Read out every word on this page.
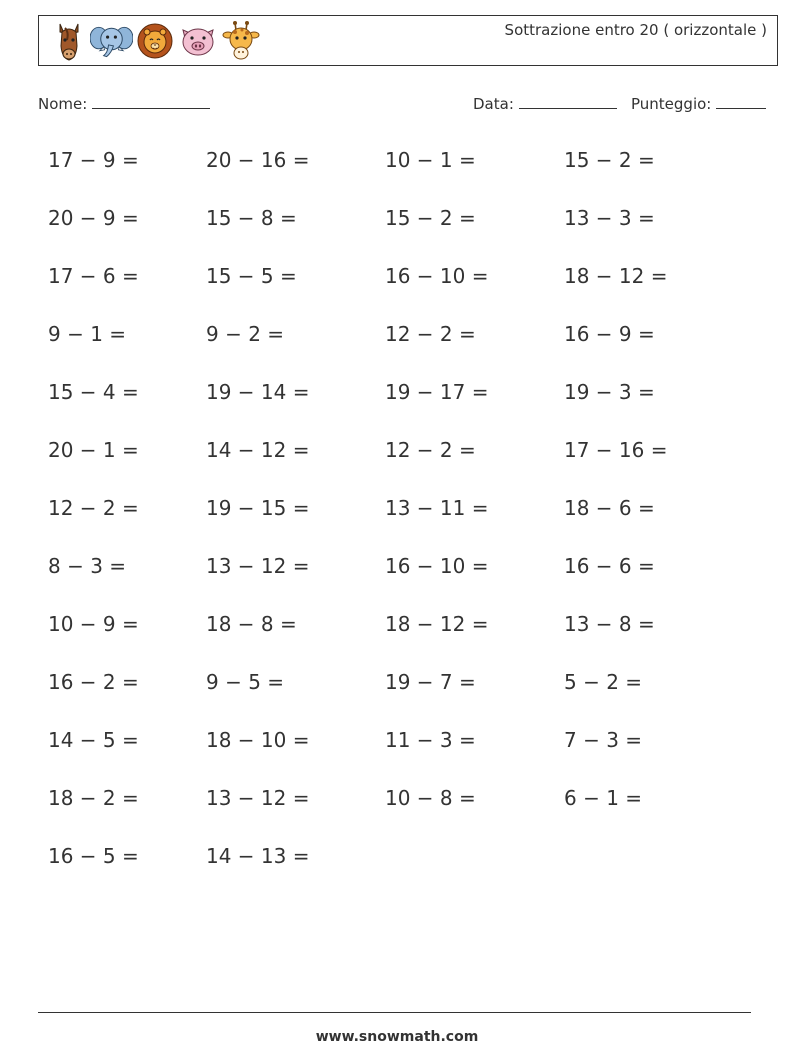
Sottrazione entro 20 ( orizzontale )
Nome:	Data:	Punteggio:
17 − 9 =	20 − 16 =	10 − 1 =	15 − 2 =
20 − 9 =	15 − 8 =	15 − 2 =	13 − 3 =
17 − 6 =	15 − 5 =	16 − 10 =	18 − 12 =
9 − 1 =	9 − 2 =	12 − 2 =	16 − 9 =
15 − 4 =	19 − 14 =	19 − 17 =	19 − 3 =
20 − 1 =	14 − 12 =	12 − 2 =	17 − 16 =
12 − 2 =	19 − 15 =	13 − 11 =	18 − 6 =
8 − 3 =	13 − 12 =	16 − 10 =	16 − 6 =
10 − 9 =	18 − 8 =	18 − 12 =	13 − 8 =
16 − 2 =	9 − 5 =	19 − 7 =	5 − 2 =
14 − 5 =	18 − 10 =	11 − 3 =	7 − 3 =
18 − 2 =	13 − 12 =	10 − 8 =	6 − 1 =
16 − 5 =	14 − 13 =
www.snowmath.com
